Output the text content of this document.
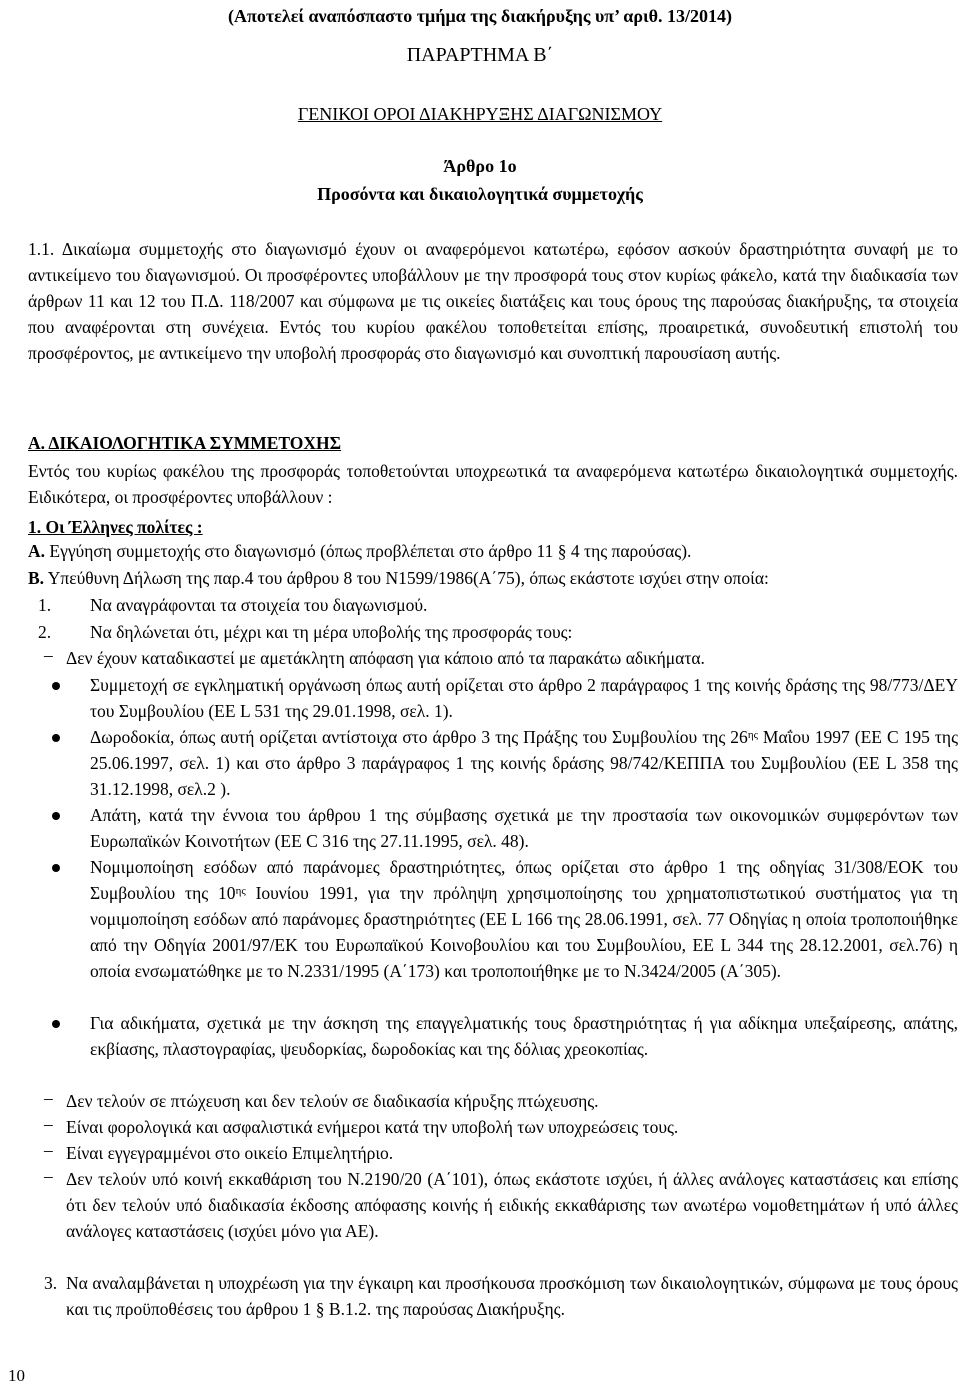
(Αποτελεί αναπόσπαστο τμήμα της διακήρυξης υπ’ αριθ. 13/2014)
ΠΑΡΑΡΤΗΜΑ Β΄
ΓΕΝΙΚΟΙ ΟΡΟΙ ΔΙΑΚΗΡΥΞΗΣ ΔΙΑΓΩΝΙΣΜΟΥ
Άρθρο 1ο
Προσόντα και δικαιολογητικά συμμετοχής
1.1. Δικαίωμα συμμετοχής στο διαγωνισμό έχουν οι αναφερόμενοι κατωτέρω, εφόσον ασκούν δραστηριότητα συναφή με το αντικείμενο του διαγωνισμού. Οι προσφέροντες υποβάλλουν με την προσφορά τους στον κυρίως φάκελο, κατά την διαδικασία των άρθρων 11 και 12 του Π.Δ. 118/2007 και σύμφωνα με τις οικείες διατάξεις και τους όρους της παρούσας διακήρυξης, τα στοιχεία που αναφέρονται στη συνέχεια. Εντός του κυρίου φακέλου τοποθετείται επίσης, προαιρετικά, συνοδευτική επιστολή του προσφέροντος, με αντικείμενο την υποβολή προσφοράς στο διαγωνισμό και συνοπτική παρουσίαση αυτής.
Α. ΔΙΚΑΙΟΛΟΓΗΤΙΚΑ ΣΥΜΜΕΤΟΧΗΣ
Εντός του κυρίως φακέλου της προσφοράς τοποθετούνται υποχρεωτικά τα αναφερόμενα κατωτέρω δικαιολογητικά συμμετοχής. Ειδικότερα, οι προσφέροντες υποβάλλουν :
1. Οι Έλληνες πολίτες :
Α. Εγγύηση συμμετοχής στο διαγωνισμό (όπως προβλέπεται στο άρθρο 11 § 4 της παρούσας).
Β. Υπεύθυνη Δήλωση της παρ.4 του άρθρου 8 του Ν1599/1986(Α΄75), όπως εκάστοτε ισχύει στην οποία:
1. Να αναγράφονται τα στοιχεία του διαγωνισμού.
2. Να δηλώνεται ότι, μέχρι και τη μέρα υποβολής της προσφοράς τους:
– Δεν έχουν καταδικαστεί με αμετάκλητη απόφαση για κάποιο από τα παρακάτω αδικήματα.
Συμμετοχή σε εγκληματική οργάνωση όπως αυτή ορίζεται στο άρθρο 2 παράγραφος 1 της κοινής δράσης της 98/773/ΔΕΥ του Συμβουλίου (ΕΕ L 531 της 29.01.1998, σελ. 1).
Δωροδοκία, όπως αυτή ορίζεται αντίστοιχα στο άρθρο 3 της Πράξης του Συμβουλίου της $26^{\eta\varsigma}$ Μαΐου 1997 (ΕΕ C 195 της 25.06.1997, σελ. 1) και στο άρθρο 3 παράγραφος 1 της κοινής δράσης 98/742/ΚΕΠΠΑ του Συμβουλίου (ΕΕ L 358 της 31.12.1998, σελ.2 ).
Απάτη, κατά την έννοια του άρθρου 1 της σύμβασης σχετικά με την προστασία των οικονομικών συμφερόντων των Ευρωπαϊκών Κοινοτήτων (ΕΕ C 316 της 27.11.1995, σελ. 48).
Νομιμοποίηση εσόδων από παράνομες δραστηριότητες, όπως ορίζεται στο άρθρο 1 της οδηγίας 31/308/ΕΟΚ του Συμβουλίου της $10^{\eta\varsigma}$ Ιουνίου 1991, για την πρόληψη χρησιμοποίησης του χρηματοπιστωτικού συστήματος για τη νομιμοποίηση εσόδων από παράνομες δραστηριότητες (ΕΕ L 166 της 28.06.1991, σελ. 77 Οδηγίας η οποία τροποποιήθηκε από την Οδηγία 2001/97/ΕΚ του Ευρωπαϊκού Κοινοβουλίου και του Συμβουλίου, ΕΕ L 344 της 28.12.2001, σελ.76) η οποία ενσωματώθηκε με το Ν.2331/1995 (Α΄173) και τροποποιήθηκε με το Ν.3424/2005 (Α΄305).
Για αδικήματα, σχετικά με την άσκηση της επαγγελματικής τους δραστηριότητας ή για αδίκημα υπεξαίρεσης, απάτης, εκβίασης, πλαστογραφίας, ψευδορκίας, δωροδοκίας και της δόλιας χρεοκοπίας.
– Δεν τελούν σε πτώχευση και δεν τελούν σε διαδικασία κήρυξης πτώχευσης.
– Είναι φορολογικά και ασφαλιστικά ενήμεροι κατά την υποβολή των υποχρεώσεις τους.
– Είναι εγγεγραμμένοι στο οικείο Επιμελητήριο.
– Δεν τελούν υπό κοινή εκκαθάριση του Ν.2190/20 (Α΄101), όπως εκάστοτε ισχύει, ή άλλες ανάλογες καταστάσεις και επίσης ότι δεν τελούν υπό διαδικασία έκδοσης απόφασης κοινής ή ειδικής εκκαθάρισης των ανωτέρω νομοθετημάτων ή υπό άλλες ανάλογες καταστάσεις (ισχύει μόνο για ΑΕ).
3. Να αναλαμβάνεται η υποχρέωση για την έγκαιρη και προσήκουσα προσκόμιση των δικαιολογητικών, σύμφωνα με τους όρους και τις προϋποθέσεις του άρθρου 1 § Β.1.2. της παρούσας Διακήρυξης.
10
